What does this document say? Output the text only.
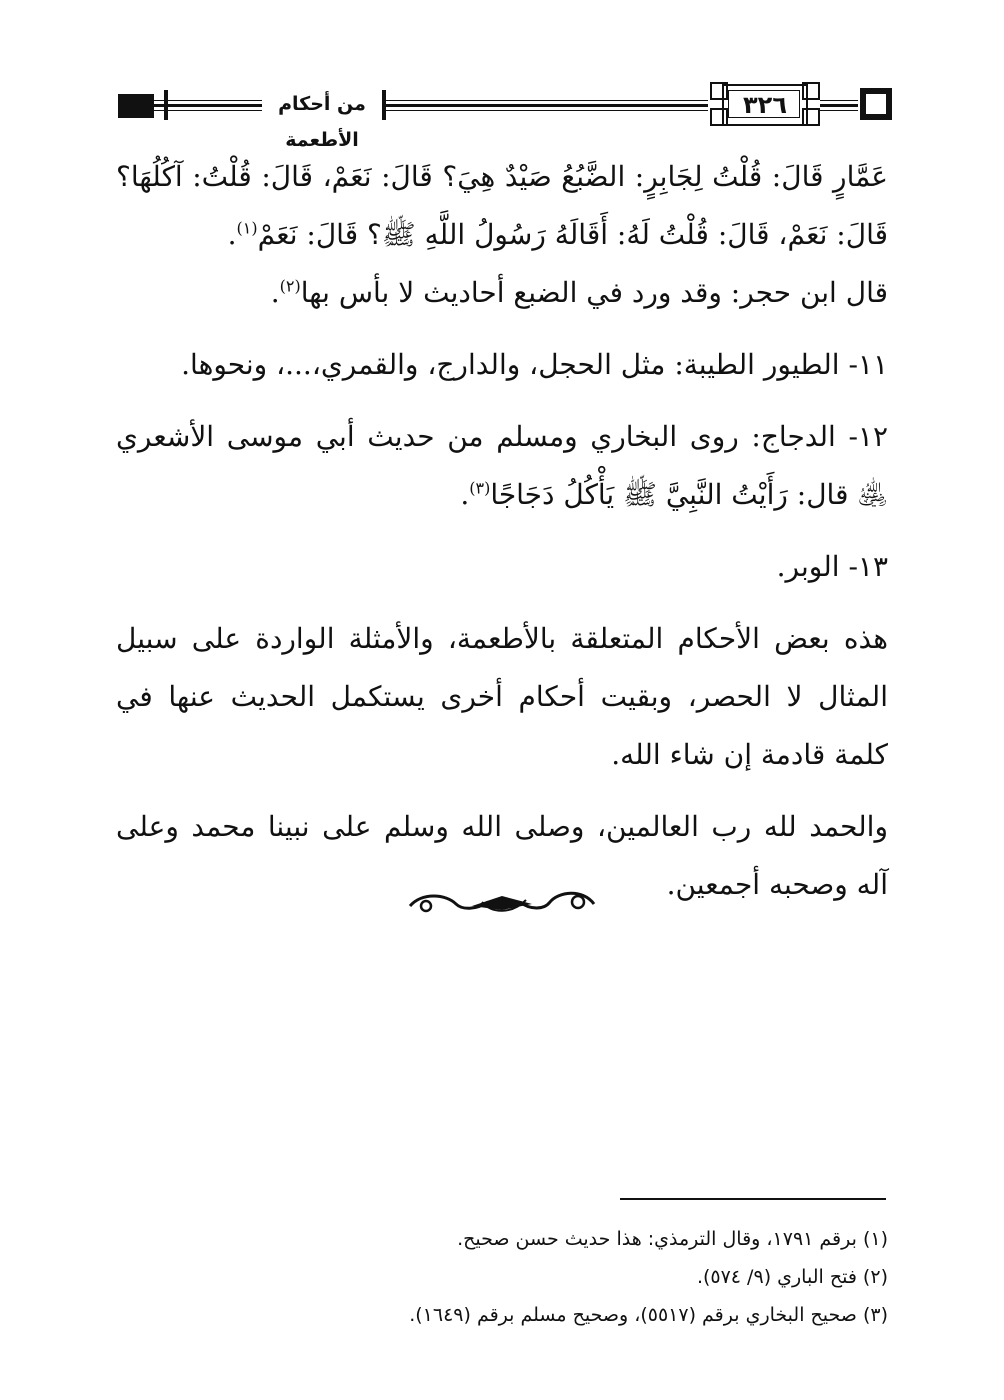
من أحكام الأطعمة
٣٢٦

عَمَّارٍ قَالَ: قُلْتُ لِجَابِرٍ: الضَّبُعُ صَيْدٌ هِيَ؟ قَالَ: نَعَمْ، قَالَ: قُلْتُ: آكُلُهَا؟ قَالَ: نَعَمْ، قَالَ: قُلْتُ لَهُ: أَقَالَهُ رَسُولُ اللَّهِ ﷺ؟ قَالَ: نَعَمْ$^{(١)}$.
قال ابن حجر: وقد ورد في الضبع أحاديث لا بأس بها$^{(٢)}$.

١١- الطيور الطيبة: مثل الحجل، والدارج، والقمري،...، ونحوها.

١٢- الدجاج: روى البخاري ومسلم من حديث أبي موسى الأشعري ﵁ قال: رَأَيْتُ النَّبِيَّ ﷺ يَأْكُلُ دَجَاجًا$^{(٣)}$.

١٣- الوبر.

هذه بعض الأحكام المتعلقة بالأطعمة، والأمثلة الواردة على سبيل المثال لا الحصر، وبقيت أحكام أخرى يستكمل الحديث عنها في كلمة قادمة إن شاء الله.

والحمد لله رب العالمين، وصلى الله وسلم على نبينا محمد وعلى آله وصحبه أجمعين.

(١) برقم ١٧٩١، وقال الترمذي: هذا حديث حسن صحيح.
(٢) فتح الباري (٩/ ٥٧٤).
(٣) صحيح البخاري برقم (٥٥١٧)، وصحيح مسلم برقم (١٦٤٩).
